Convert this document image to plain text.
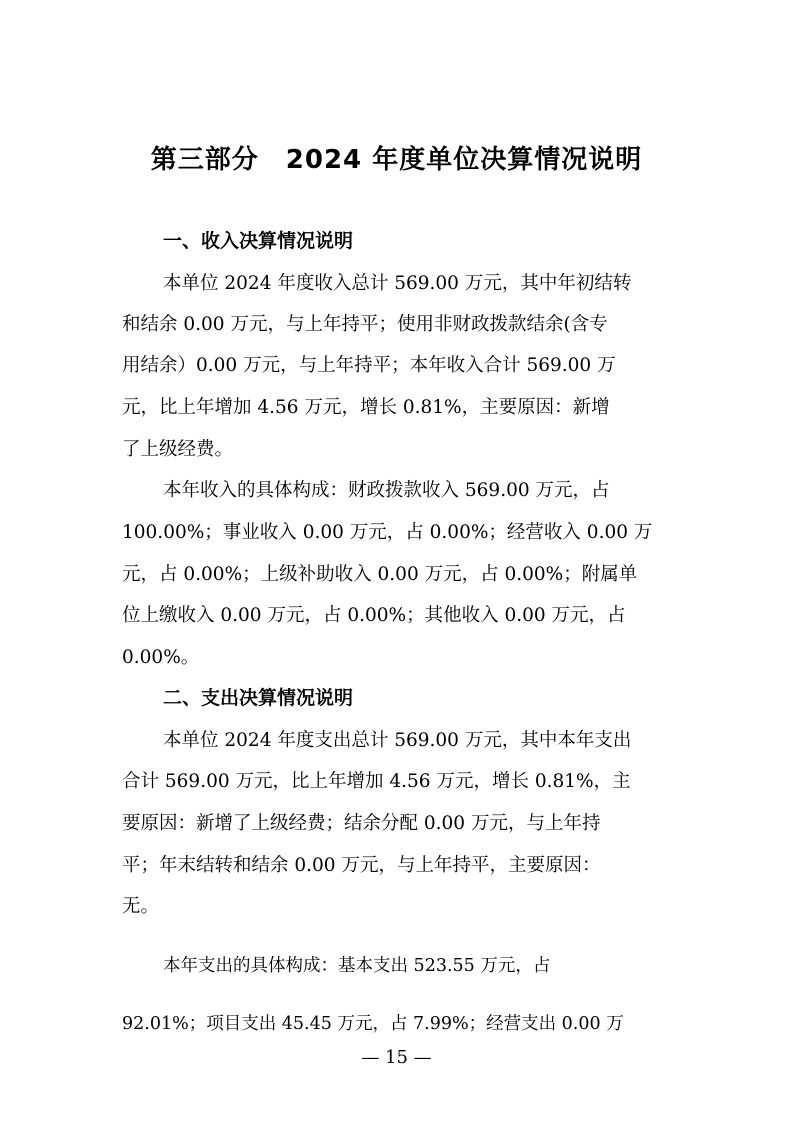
第三部分　2024 年度单位决算情况说明
一、收入决算情况说明
本单位 2024 年度收入总计 569.00 万元，其中年初结转
和结余 0.00 万元，与上年持平；使用非财政拨款结余(含专
用结余）0.00 万元，与上年持平；本年收入合计 569.00 万
元，比上年增加 4.56 万元，增长 0.81%，主要原因：新增
了上级经费。
本年收入的具体构成：财政拨款收入 569.00 万元，占
100.00%；事业收入 0.00 万元，占 0.00%；经营收入 0.00 万
元，占 0.00%；上级补助收入 0.00 万元，占 0.00%；附属单
位上缴收入 0.00 万元，占 0.00%；其他收入 0.00 万元，占
0.00%。
二、支出决算情况说明
本单位 2024 年度支出总计 569.00 万元，其中本年支出
合计 569.00 万元，比上年增加 4.56 万元，增长 0.81%，主
要原因：新增了上级经费；结余分配 0.00 万元，与上年持
平；年末结转和结余 0.00 万元，与上年持平，主要原因：
无。
本年支出的具体构成：基本支出 523.55 万元，占
92.01%；项目支出 45.45 万元，占 7.99%；经营支出 0.00 万
— 15 —
